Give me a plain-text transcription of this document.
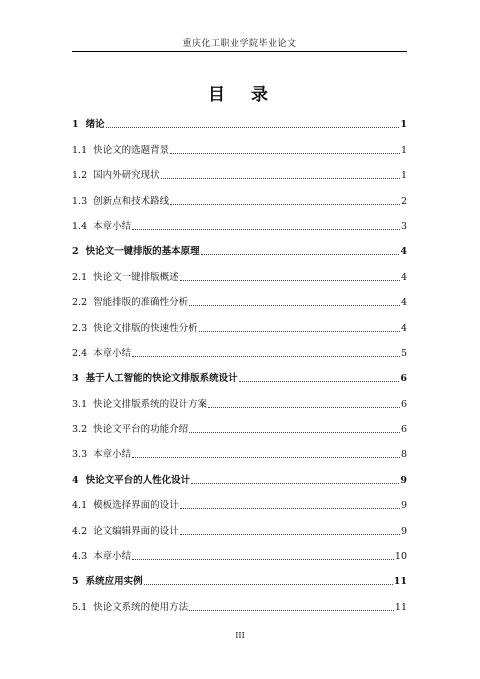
重庆化工职业学院毕业论文
目 录
1 绪论	1
1.1 快论文的选题背景	1
1.2 国内外研究现状	1
1.3 创新点和技术路线	2
1.4 本章小结	3
2 快论文一键排版的基本原理	4
2.1 快论文一键排版概述	4
2.2 智能排版的准确性分析	4
2.3 快论文排版的快速性分析	4
2.4 本章小结	5
3 基于人工智能的快论文排版系统设计	6
3.1 快论文排版系统的设计方案	6
3.2 快论文平台的功能介绍	6
3.3 本章小结	8
4 快论文平台的人性化设计	9
4.1 模板选择界面的设计	9
4.2 论文编辑界面的设计	9
4.3 本章小结	10
5 系统应用实例	11
5.1 快论文系统的使用方法	11
III
